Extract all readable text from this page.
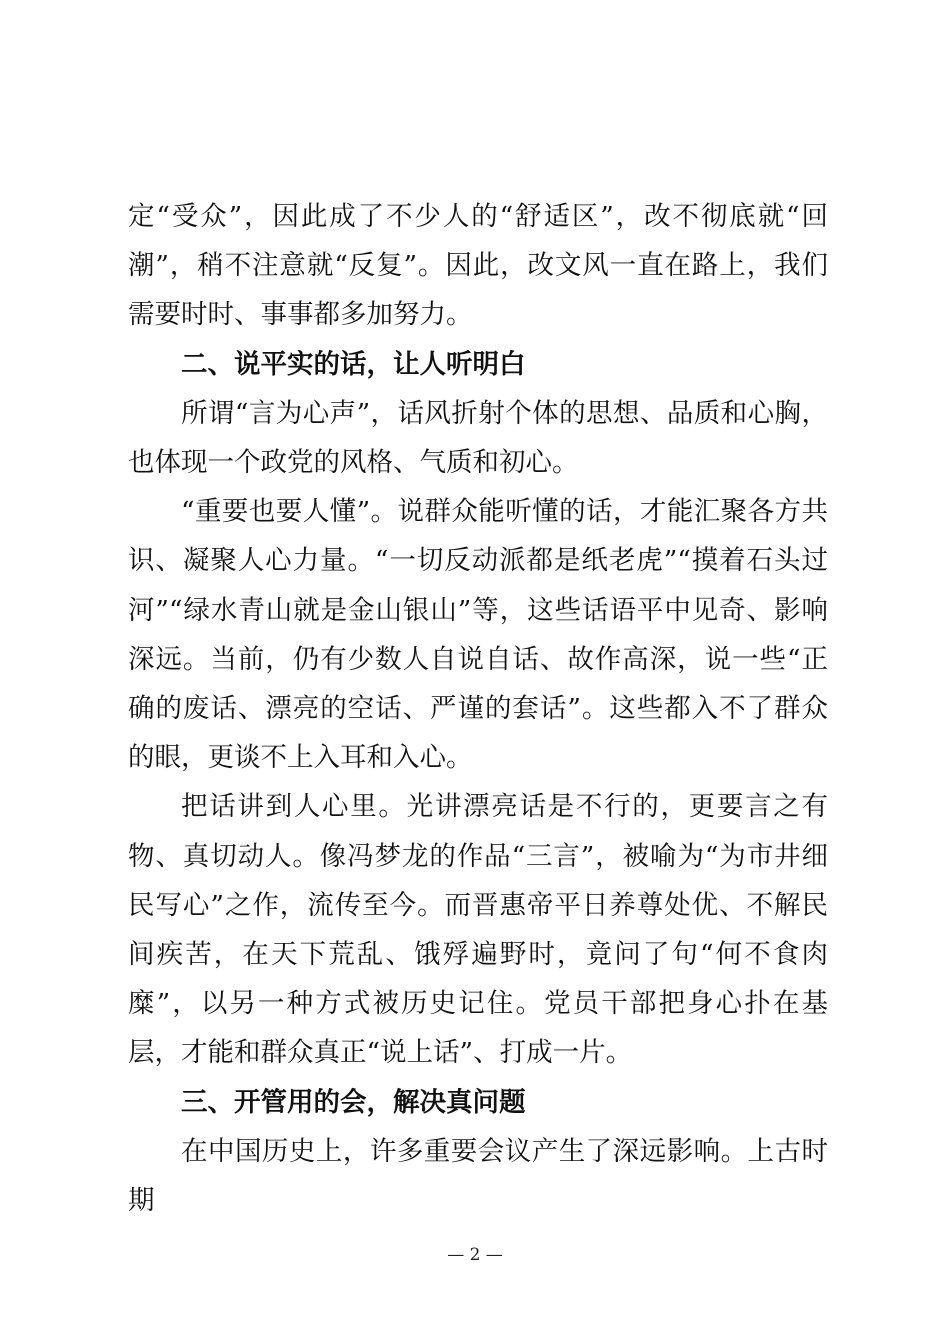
定“受众”，因此成了不少人的“舒适区”，改不彻底就“回潮”，稍不注意就“反复”。因此，改文风一直在路上，我们需要时时、事事都多加努力。

二、说平实的话，让人听明白

所谓“言为心声”，话风折射个体的思想、品质和心胸，也体现一个政党的风格、气质和初心。

“重要也要人懂”。说群众能听懂的话，才能汇聚各方共识、凝聚人心力量。“一切反动派都是纸老虎”“摸着石头过河”“绿水青山就是金山银山”等，这些话语平中见奇、影响深远。当前，仍有少数人自说自话、故作高深，说一些“正确的废话、漂亮的空话、严谨的套话”。这些都入不了群众的眼，更谈不上入耳和入心。

把话讲到人心里。光讲漂亮话是不行的，更要言之有物、真切动人。像冯梦龙的作品“三言”，被喻为“为市井细民写心”之作，流传至今。而晋惠帝平日养尊处优、不解民间疾苦，在天下荒乱、饿殍遍野时，竟问了句“何不食肉糜”，以另一种方式被历史记住。党员干部把身心扑在基层，才能和群众真正“说上话”、打成一片。

三、开管用的会，解决真问题

在中国历史上，许多重要会议产生了深远影响。上古时期

— 2 —
